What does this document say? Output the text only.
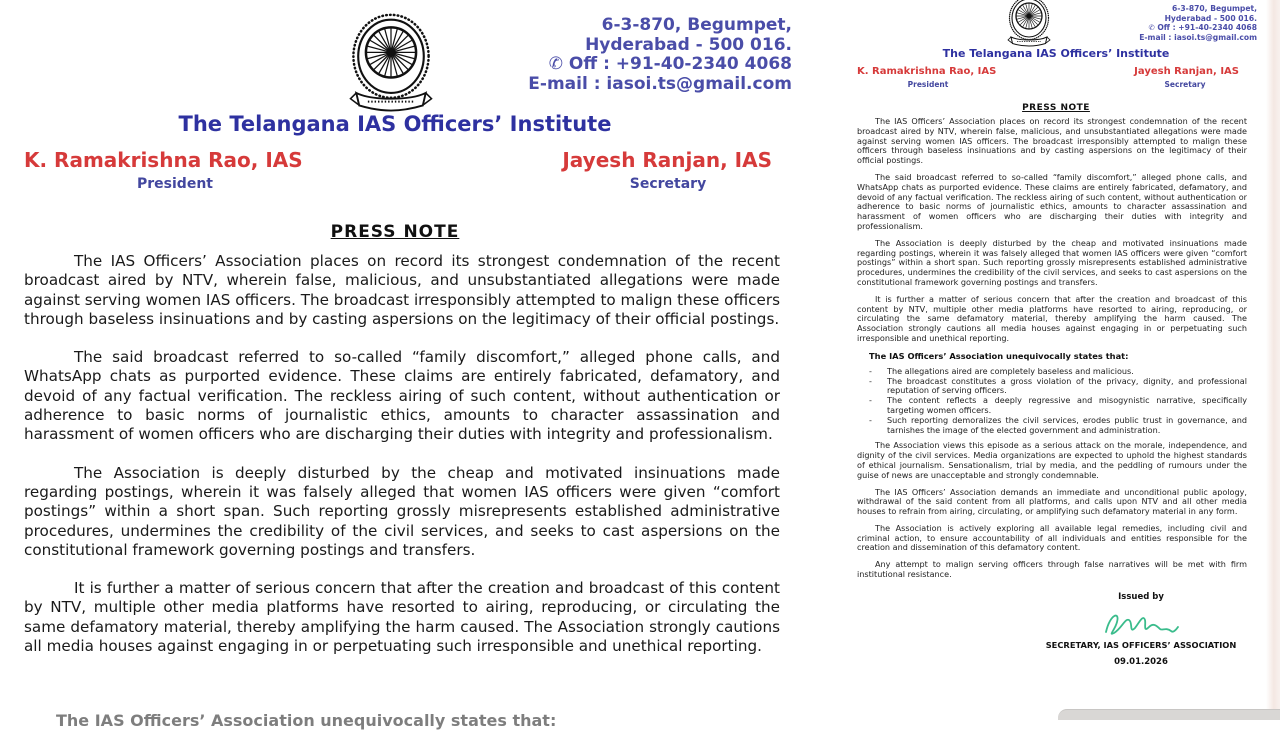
6-3-870, Begumpet,
Hyderabad - 500 016.
✆ Off : +91-40-2340 4068
E-mail : iasoi.ts@gmail.com
The Telangana IAS Officers’ Institute
K. Ramakrishna Rao, IAS
President
Jayesh Ranjan, IAS
Secretary
PRESS NOTE

The IAS Officers’ Association places on record its strongest condemnation of the recent broadcast aired by NTV, wherein false, malicious, and unsubstantiated allegations were made against serving women IAS officers. The broadcast irresponsibly attempted to malign these officers through baseless insinuations and by casting aspersions on the legitimacy of their official postings.

The said broadcast referred to so-called “family discomfort,” alleged phone calls, and WhatsApp chats as purported evidence. These claims are entirely fabricated, defamatory, and devoid of any factual verification. The reckless airing of such content, without authentication or adherence to basic norms of journalistic ethics, amounts to character assassination and harassment of women officers who are discharging their duties with integrity and professionalism.

The Association is deeply disturbed by the cheap and motivated insinuations made regarding postings, wherein it was falsely alleged that women IAS officers were given “comfort postings” within a short span. Such reporting grossly misrepresents established administrative procedures, undermines the credibility of the civil services, and seeks to cast aspersions on the constitutional framework governing postings and transfers.

It is further a matter of serious concern that after the creation and broadcast of this content by NTV, multiple other media platforms have resorted to airing, reproducing, or circulating the same defamatory material, thereby amplifying the harm caused. The Association strongly cautions all media houses against engaging in or perpetuating such irresponsible and unethical reporting.

The IAS Officers’ Association unequivocally states that:
6-3-870, Begumpet,
Hyderabad - 500 016.
✆ Off : +91-40-2340 4068
E-mail : iasoi.ts@gmail.com
The Telangana IAS Officers’ Institute
K. Ramakrishna Rao, IAS
President
Jayesh Ranjan, IAS
Secretary
PRESS NOTE

The IAS Officers’ Association places on record its strongest condemnation of the recent broadcast aired by NTV, wherein false, malicious, and unsubstantiated allegations were made against serving women IAS officers. The broadcast irresponsibly attempted to malign these officers through baseless insinuations and by casting aspersions on the legitimacy of their official postings.

The said broadcast referred to so-called “family discomfort,” alleged phone calls, and WhatsApp chats as purported evidence. These claims are entirely fabricated, defamatory, and devoid of any factual verification. The reckless airing of such content, without authentication or adherence to basic norms of journalistic ethics, amounts to character assassination and harassment of women officers who are discharging their duties with integrity and professionalism.

The Association is deeply disturbed by the cheap and motivated insinuations made regarding postings, wherein it was falsely alleged that women IAS officers were given “comfort postings” within a short span. Such reporting grossly misrepresents established administrative procedures, undermines the credibility of the civil services, and seeks to cast aspersions on the constitutional framework governing postings and transfers.

It is further a matter of serious concern that after the creation and broadcast of this content by NTV, multiple other media platforms have resorted to airing, reproducing, or circulating the same defamatory material, thereby amplifying the harm caused. The Association strongly cautions all media houses against engaging in or perpetuating such irresponsible and unethical reporting.

The IAS Officers’ Association unequivocally states that:
- The allegations aired are completely baseless and malicious.
- The broadcast constitutes a gross violation of the privacy, dignity, and professional reputation of serving officers.
- The content reflects a deeply regressive and misogynistic narrative, specifically targeting women officers.
- Such reporting demoralizes the civil services, erodes public trust in governance, and tarnishes the image of the elected government and administration.

The Association views this episode as a serious attack on the morale, independence, and dignity of the civil services. Media organizations are expected to uphold the highest standards of ethical journalism. Sensationalism, trial by media, and the peddling of rumours under the guise of news are unacceptable and strongly condemnable.

The IAS Officers’ Association demands an immediate and unconditional public apology, withdrawal of the said content from all platforms, and calls upon NTV and all other media houses to refrain from airing, circulating, or amplifying such defamatory material in any form.

The Association is actively exploring all available legal remedies, including civil and criminal action, to ensure accountability of all individuals and entities responsible for the creation and dissemination of this defamatory content.

Any attempt to malign serving officers through false narratives will be met with firm institutional resistance.

Issued by
SECRETARY, IAS OFFICERS’ ASSOCIATION
09.01.2026
